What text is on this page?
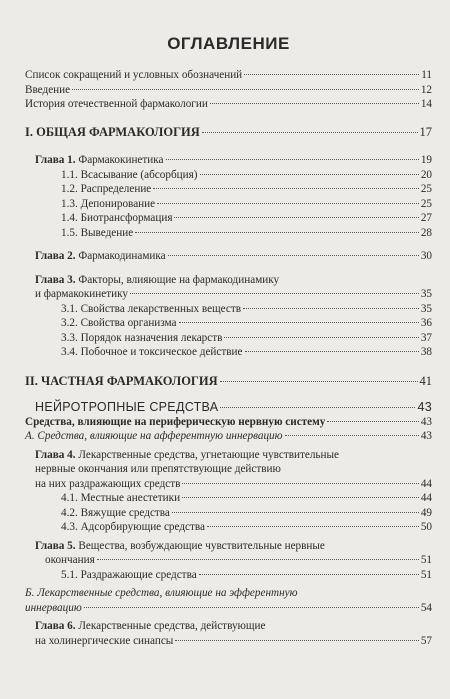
ОГЛАВЛЕНИЕ
Список сокращений и условных обозначений	11
Введение	12
История отечественной фармакологии	14
I. ОБЩАЯ ФАРМАКОЛОГИЯ	17
Глава 1. Фармакокинетика	19
1.1. Всасывание (абсорбция)	20
1.2. Распределение	25
1.3. Депонирование	25
1.4. Биотрансформация	27
1.5. Выведение	28
Глава 2. Фармакодинамика	30
Глава 3. Факторы, влияющие на фармакодинамику
и фармакокинетику	35
3.1. Свойства лекарственных веществ	35
3.2. Свойства организма	36
3.3. Порядок назначения лекарств	37
3.4. Побочное и токсическое действие	38
II. ЧАСТНАЯ ФАРМАКОЛОГИЯ	41
НЕЙРОТРОПНЫЕ СРЕДСТВА	43
Средства, влияющие на периферическую нервную систему	43
А. Средства, влияющие на афферентную иннервацию	43
Глава 4. Лекарственные средства, угнетающие чувствительные
нервные окончания или препятствующие действию
на них раздражающих средств	44
4.1. Местные анестетики	44
4.2. Вяжущие средства	49
4.3. Адсорбирующие средства	50
Глава 5. Вещества, возбуждающие чувствительные нервные
окончания	51
5.1. Раздражающие средства	51
Б. Лекарственные средства, влияющие на эфферентную
иннервацию	54
Глава 6. Лекарственные средства, действующие
на холинергические синапсы	57
